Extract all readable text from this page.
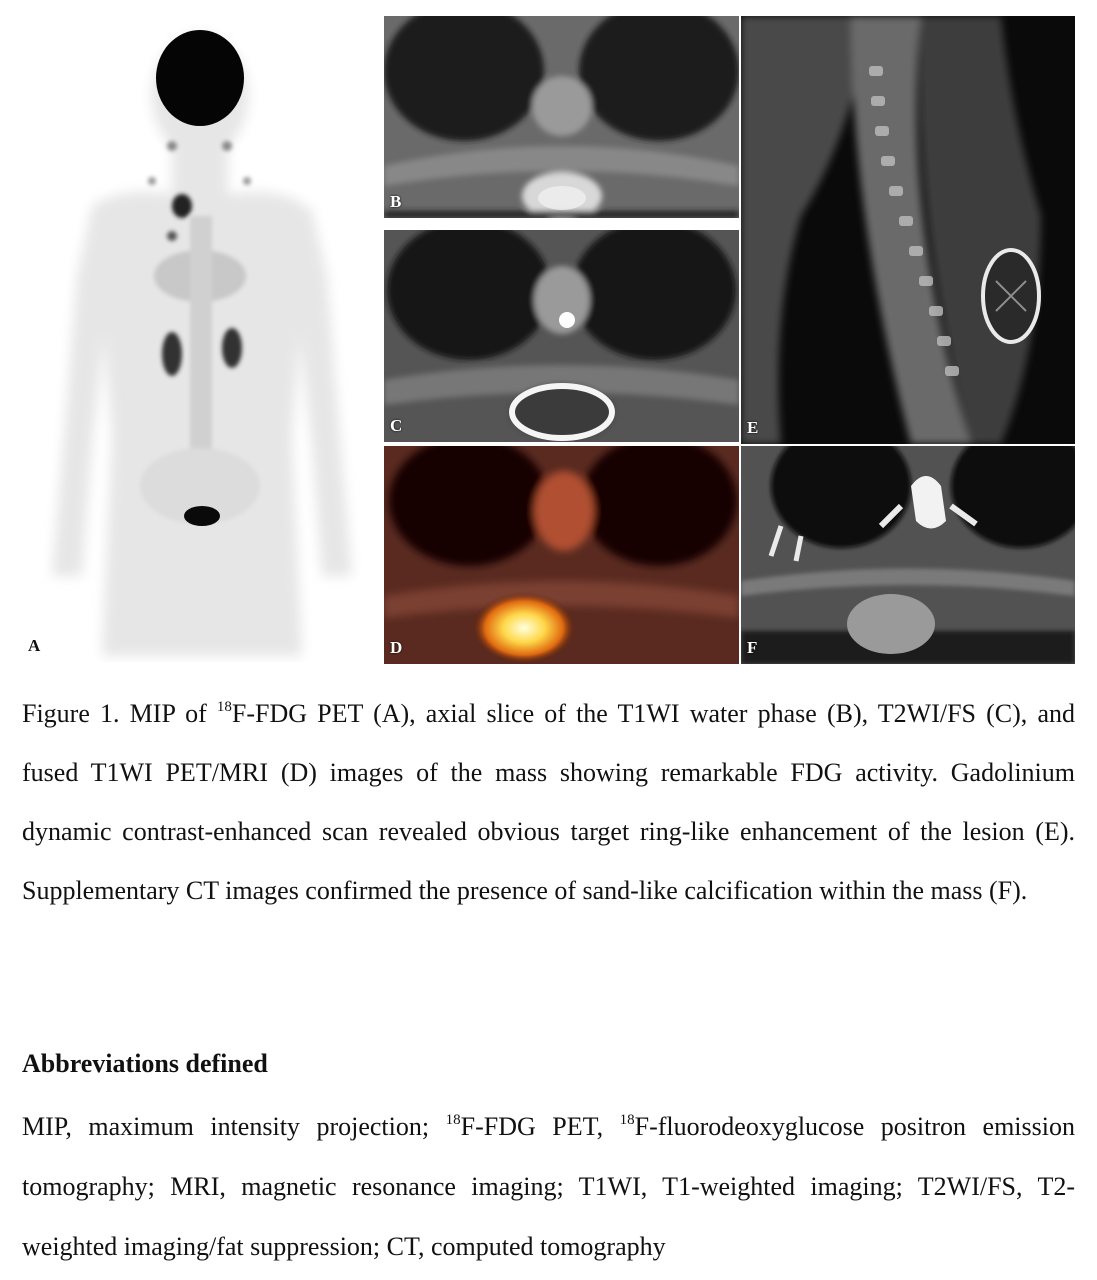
A
B
C
D
E
F

Figure 1. MIP of $^{18}$F-FDG PET (A), axial slice of the T1WI water phase (B), T2WI/FS (C), and fused T1WI PET/MRI (D) images of the mass showing remarkable FDG activity. Gadolinium dynamic contrast-enhanced scan revealed obvious target ring-like enhancement of the lesion (E). Supplementary CT images confirmed the presence of sand-like calcification within the mass (F).

Abbreviations defined

MIP, maximum intensity projection; $^{18}$F-FDG PET, $^{18}$F-fluorodeoxyglucose positron emission tomography; MRI, magnetic resonance imaging; T1WI, T1-weighted imaging; T2WI/FS, T2-weighted imaging/fat suppression; CT, computed tomography
